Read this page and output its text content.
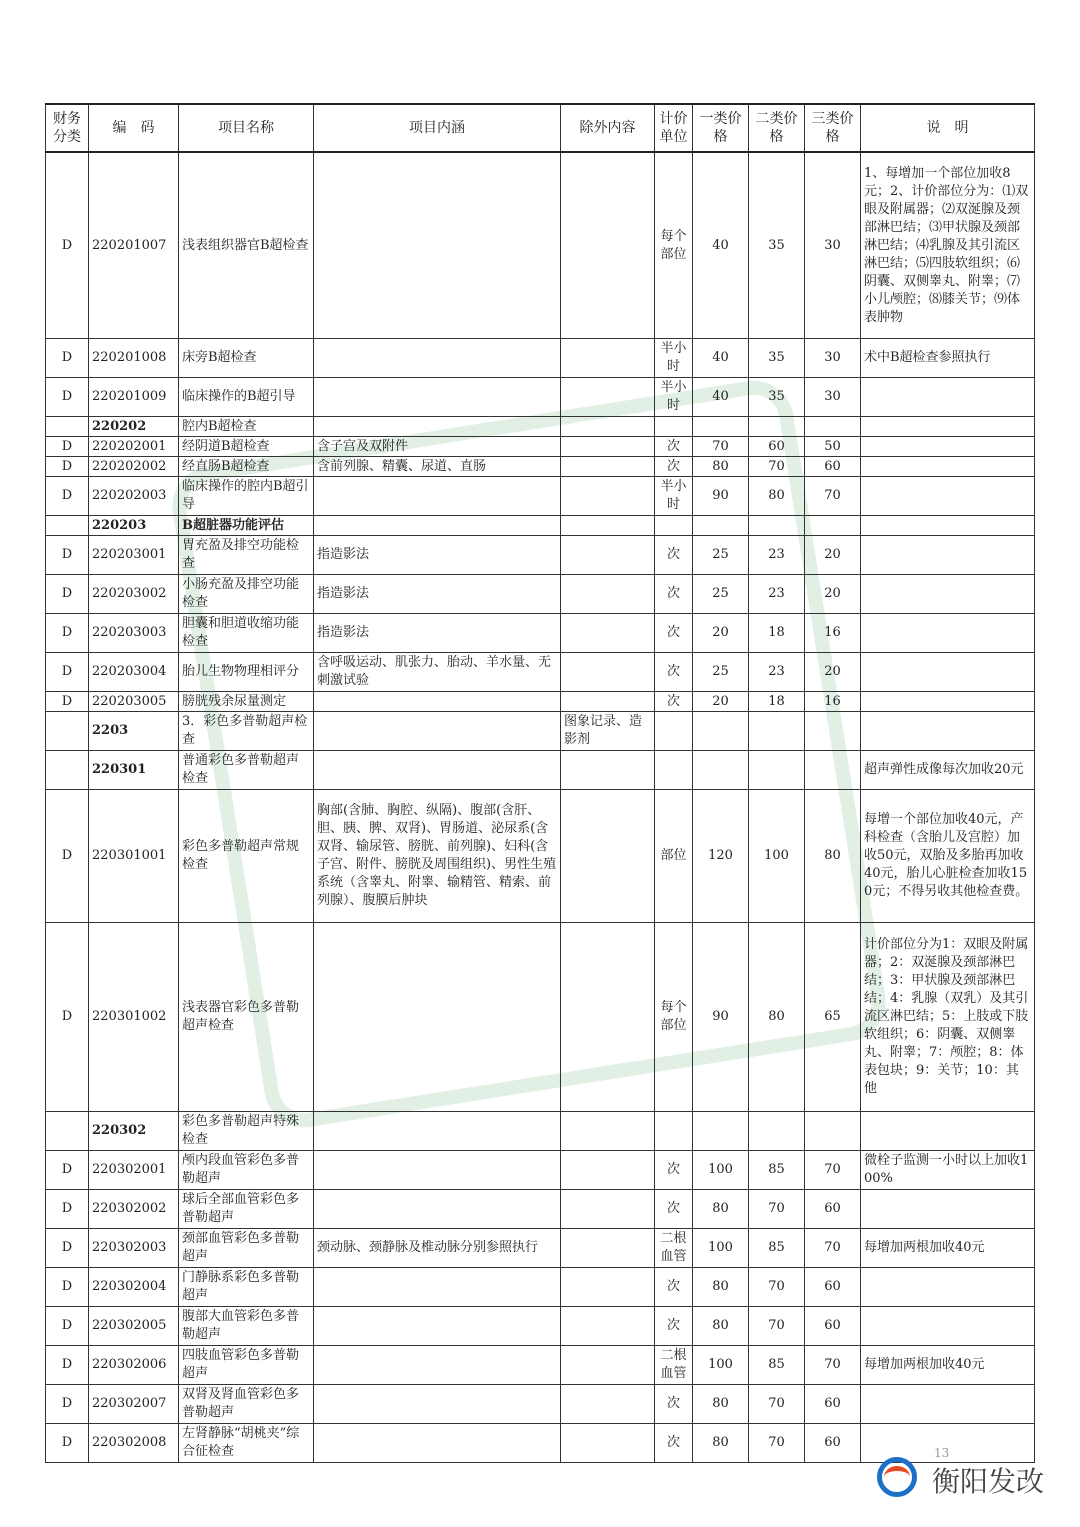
财务分类	编　码	项目名称	项目内涵	除外内容	计价单位	一类价格	二类价格	三类价格	说　明
D	220201007	浅表组织器官B超检查			每个部位	40	35	30	1、每增加一个部位加收8元；2、计价部位分为：⑴双眼及附属器；⑵双涎腺及颈部淋巴结；⑶甲状腺及颈部淋巴结；⑷乳腺及其引流区淋巴结；⑸四肢软组织；⑹阴囊、双侧睾丸、附睾；⑺小儿颅腔；⑻膝关节；⑼体表肿物
D	220201008	床旁B超检查			半小时	40	35	30	术中B超检查参照执行
D	220201009	临床操作的B超引导			半小时	40	35	30	
	220202	腔内B超检查							
D	220202001	经阴道B超检查	含子宫及双附件		次	70	60	50	
D	220202002	经直肠B超检查	含前列腺、精囊、尿道、直肠		次	80	70	60	
D	220202003	临床操作的腔内B超引导			半小时	90	80	70	
	220203	B超脏器功能评估							
D	220203001	胃充盈及排空功能检查	指造影法		次	25	23	20	
D	220203002	小肠充盈及排空功能检查	指造影法		次	25	23	20	
D	220203003	胆囊和胆道收缩功能检查	指造影法		次	20	18	16	
D	220203004	胎儿生物物理相评分	含呼吸运动、肌张力、胎动、羊水量、无刺激试验		次	25	23	20	
D	220203005	膀胱残余尿量测定			次	20	18	16	
	2203	3．彩色多普勒超声检查		图象记录、造影剂					
	220301	普通彩色多普勒超声检查							超声弹性成像每次加收20元
D	220301001	彩色多普勒超声常规检查	胸部(含肺、胸腔、纵隔)、腹部(含肝、胆、胰、脾、双肾)、胃肠道、泌尿系(含双肾、输尿管、膀胱、前列腺)、妇科(含子宫、附件、膀胱及周围组织)、男性生殖系统（含睾丸、附睾、输精管、精索、前列腺）、腹膜后肿块		部位	120	100	80	每增一个部位加收40元，产科检查（含胎儿及宫腔）加收50元，双胎及多胎再加收40元，胎儿心脏检查加收150元；不得另收其他检查费。
D	220301002	浅表器官彩色多普勒超声检查			每个部位	90	80	65	计价部位分为1：双眼及附属器；2：双涎腺及颈部淋巴结；3：甲状腺及颈部淋巴结；4：乳腺（双乳）及其引流区淋巴结；5：上肢或下肢软组织；6：阴囊、双侧睾丸、附睾；7：颅腔；8：体表包块；9：关节；10：其他
	220302	彩色多普勒超声特殊检查							
D	220302001	颅内段血管彩色多普勒超声			次	100	85	70	微栓子监测一小时以上加收100%
D	220302002	球后全部血管彩色多普勒超声			次	80	70	60	
D	220302003	颈部血管彩色多普勒超声	颈动脉、颈静脉及椎动脉分别参照执行		二根血管	100	85	70	每增加两根加收40元
D	220302004	门静脉系彩色多普勒超声			次	80	70	60	
D	220302005	腹部大血管彩色多普勒超声			次	80	70	60	
D	220302006	四肢血管彩色多普勒超声			二根血管	100	85	70	每增加两根加收40元
D	220302007	双肾及肾血管彩色多普勒超声			次	80	70	60	
D	220302008	左肾静脉“胡桃夹”综合征检查			次	80	70	60	
衡阳发改
13
